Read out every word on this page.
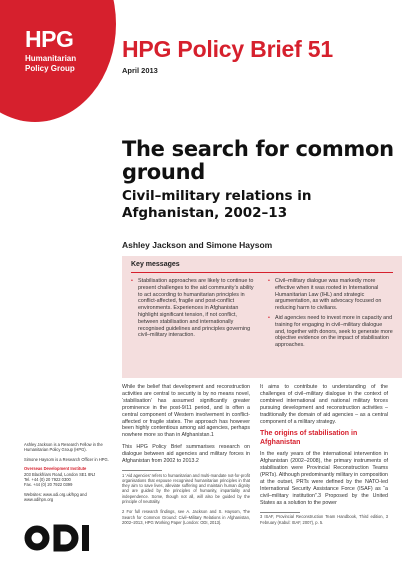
HPG
Humanitarian
Policy Group
HPG Policy Brief 51
April 2013
The search for common ground
Civil–military relations in Afghanistan, 2002–13
Ashley Jackson and Simone Haysom
Key messages
• Stabilisation approaches are likely to continue to present challenges to the aid community’s ability to act according to humanitarian principles in conflict-affected, fragile and post-conflict environments. Experiences in Afghanistan highlight significant tension, if not conflict, between stabilisation and internationally recognised guidelines and principles governing civil–military interaction.
• Civil–military dialogue was markedly more effective when it was rooted in International Humanitarian Law (IHL) and strategic argumentation, as with advocacy focused on reducing harm to civilians.
• Aid agencies need to invest more in capacity and training for engaging in civil–military dialogue and, together with donors, seek to generate more objective evidence on the impact of stabilisation approaches.

Ashley Jackson is a Research Fellow in the Humanitarian Policy Group (HPG).

Simone Haysom is a Research Officer in HPG.

Overseas Development Institute

203 Blackfriars Road, London SE1 8NJ

Tel. +44 (0) 20 7922 0300

Fax. +44 (0) 20 7922 0399

Websites: www.odi.org.uk/hpg and www.odihpn.org

While the belief that development and reconstruction activities are central to security is by no means novel, ‘stabilisation’ has assumed significantly greater prominence in the post-9/11 period, and is often a central component of Western involvement in conflict-affected or fragile states. The approach has however been highly contentious among aid agencies, perhaps nowhere more so than in Afghanistan.1

This HPG Policy Brief summarises research on dialogue between aid agencies and military forces in Afghanistan from 2002 to 2013.2

1 ‘Aid agencies’ refers to humanitarian and multi-mandate not-for-profit organisations that espouse recognised humanitarian principles in that they aim to save lives, alleviate suffering and maintain human dignity and are guided by the principles of humanity, impartiality and independence. Some, though not all, will also be guided by the principle of neutrality.

2 For full research findings, see A. Jackson and S. Haysom, The Search for Common Ground: Civil–Military Relations in Afghanistan, 2002–2013, HPG Working Paper (London: ODI, 2013).

It aims to contribute to understanding of the challenges of civil–military dialogue in the context of combined international and national military forces pursuing development and reconstruction activities – traditionally the domain of aid agencies – as a central component of a military strategy.

The origins of stabilisation in Afghanistan

In the early years of the international intervention in Afghanistan (2002–2008), the primary instruments of stabilisation were Provincial Reconstruction Teams (PRTs). Although predominantly military in composition at the outset, PRTs were defined by the NATO-led International Security Assistance Force (ISAF) as “a civil–military institution”.3 Proposed by the United States as a solution to the power

3 ISAF, Provincial Reconstruction Team Handbook, Third edition, 3 February (Kabul: ISAF, 2007), p. 5.
